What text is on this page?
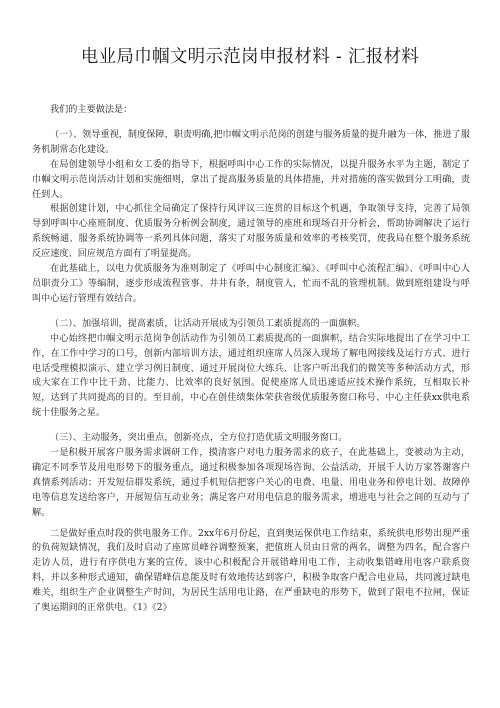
电业局巾帼文明示范岗申报材料 - 汇报材料

我们的主要做法是：

（一）、领导重视，制度保障，职责明确,把巾帼文明示范岗的创建与服务质量的提升融为一体，推进了服务机制常态化建设。

在局创建领导小组和女工委的指导下，根据呼叫中心工作的实际情况，以提升服务水平为主题，制定了巾帼文明示范岗活动计划和实施细则，拿出了提高服务质量的具体措施，并对措施的落实做到分工明确，责任到人。

根据创建计划，中心抓住全局确定了保持行风评议三连贯的目标这个机遇，争取领导支持，完善了局领导到呼叫中心座班制度、优质服务分析例会制度，通过领导的座班和现场召开分析会，帮助协调解决了运行系统畅通、服务系统协调等一系列具体问题，落实了对服务质量和效率的考核奖罚，使我局在整个服务系统反应速度、回应规范方面有了明显提高。

在此基础上，以电力优质服务为准则制定了《呼叫中心制度汇编》、《呼叫中心流程汇编》、《呼叫中心人员职责分工》等编制，逐步形成流程管事、井井有条，制度管人，忙而不乱的管理机制。做到班组建设与呼叫中心运行管理有效结合。

（二）、加强培训，提高素质，让活动开展成为引领员工素质提高的一面旗帜。

中心始终把巾帼文明示范岗争创活动作为引领员工素质提高的一面旗帜，结合实际地提出了在学习中工作，在工作中学习的口号，创新内部培训方法，通过组织座席人员深入现场了解电网接线及运行方式、进行电话受理模拟演示、建立学习例日制度、通过开展岗位大练兵、让客户听出我们的微笑等多种活动方式，形成大家在工作中比干劲、比能力、比效率的良好氛围。促使座席人员迅速适应技术操作系统，互相取长补短，达到了共同提高的目的。至目前，中心在创佳绩集体荣获省级优质服务窗口称号、中心主任获xx供电系统十佳服务之星。

（三）、主动服务，突出重点，创新亮点，全方位打造优质文明服务窗口。

一是积极开展客户服务需求调研工作，摸清客户对电力服务需求的底子，在此基础上，变被动为主动，确定不同季节及用电形势下的服务重点，通过积极参加各项现场咨询、公益活动，开展千人访万家答谢客户真情系列活动；开发短信群发系统，通过手机短信把客户关心的电费、电量、用电业务和停电计划、故障停电等信息发送给客户，开展短信互动业务；满足客户对用电信息的服务需求，增进电与社会之间的互动与了解。

二是做好重点时段的供电服务工作。2xx年6月份起，直到奥运保供电工作结束，系统供电形势出现严重的负荷短缺情况，我们及时启动了座席员峰谷调整预案，把值班人员由日常的两名，调整为四名，配合客户走访人员，进行有序供电方案的宣传，该中心积极配合开展错峰用电工作，主动收集错峰用电客户联系资料，并以多种形式通知，确保错峰信息能及时有效地传达到客户，积极争取客户配合电业局，共同渡过缺电难关，组织生产企业调整生产时间，为居民生活用电让路，在严重缺电的形势下，做到了限电不拉闸，保证了奥运期间的正常供电。《1》《2》
